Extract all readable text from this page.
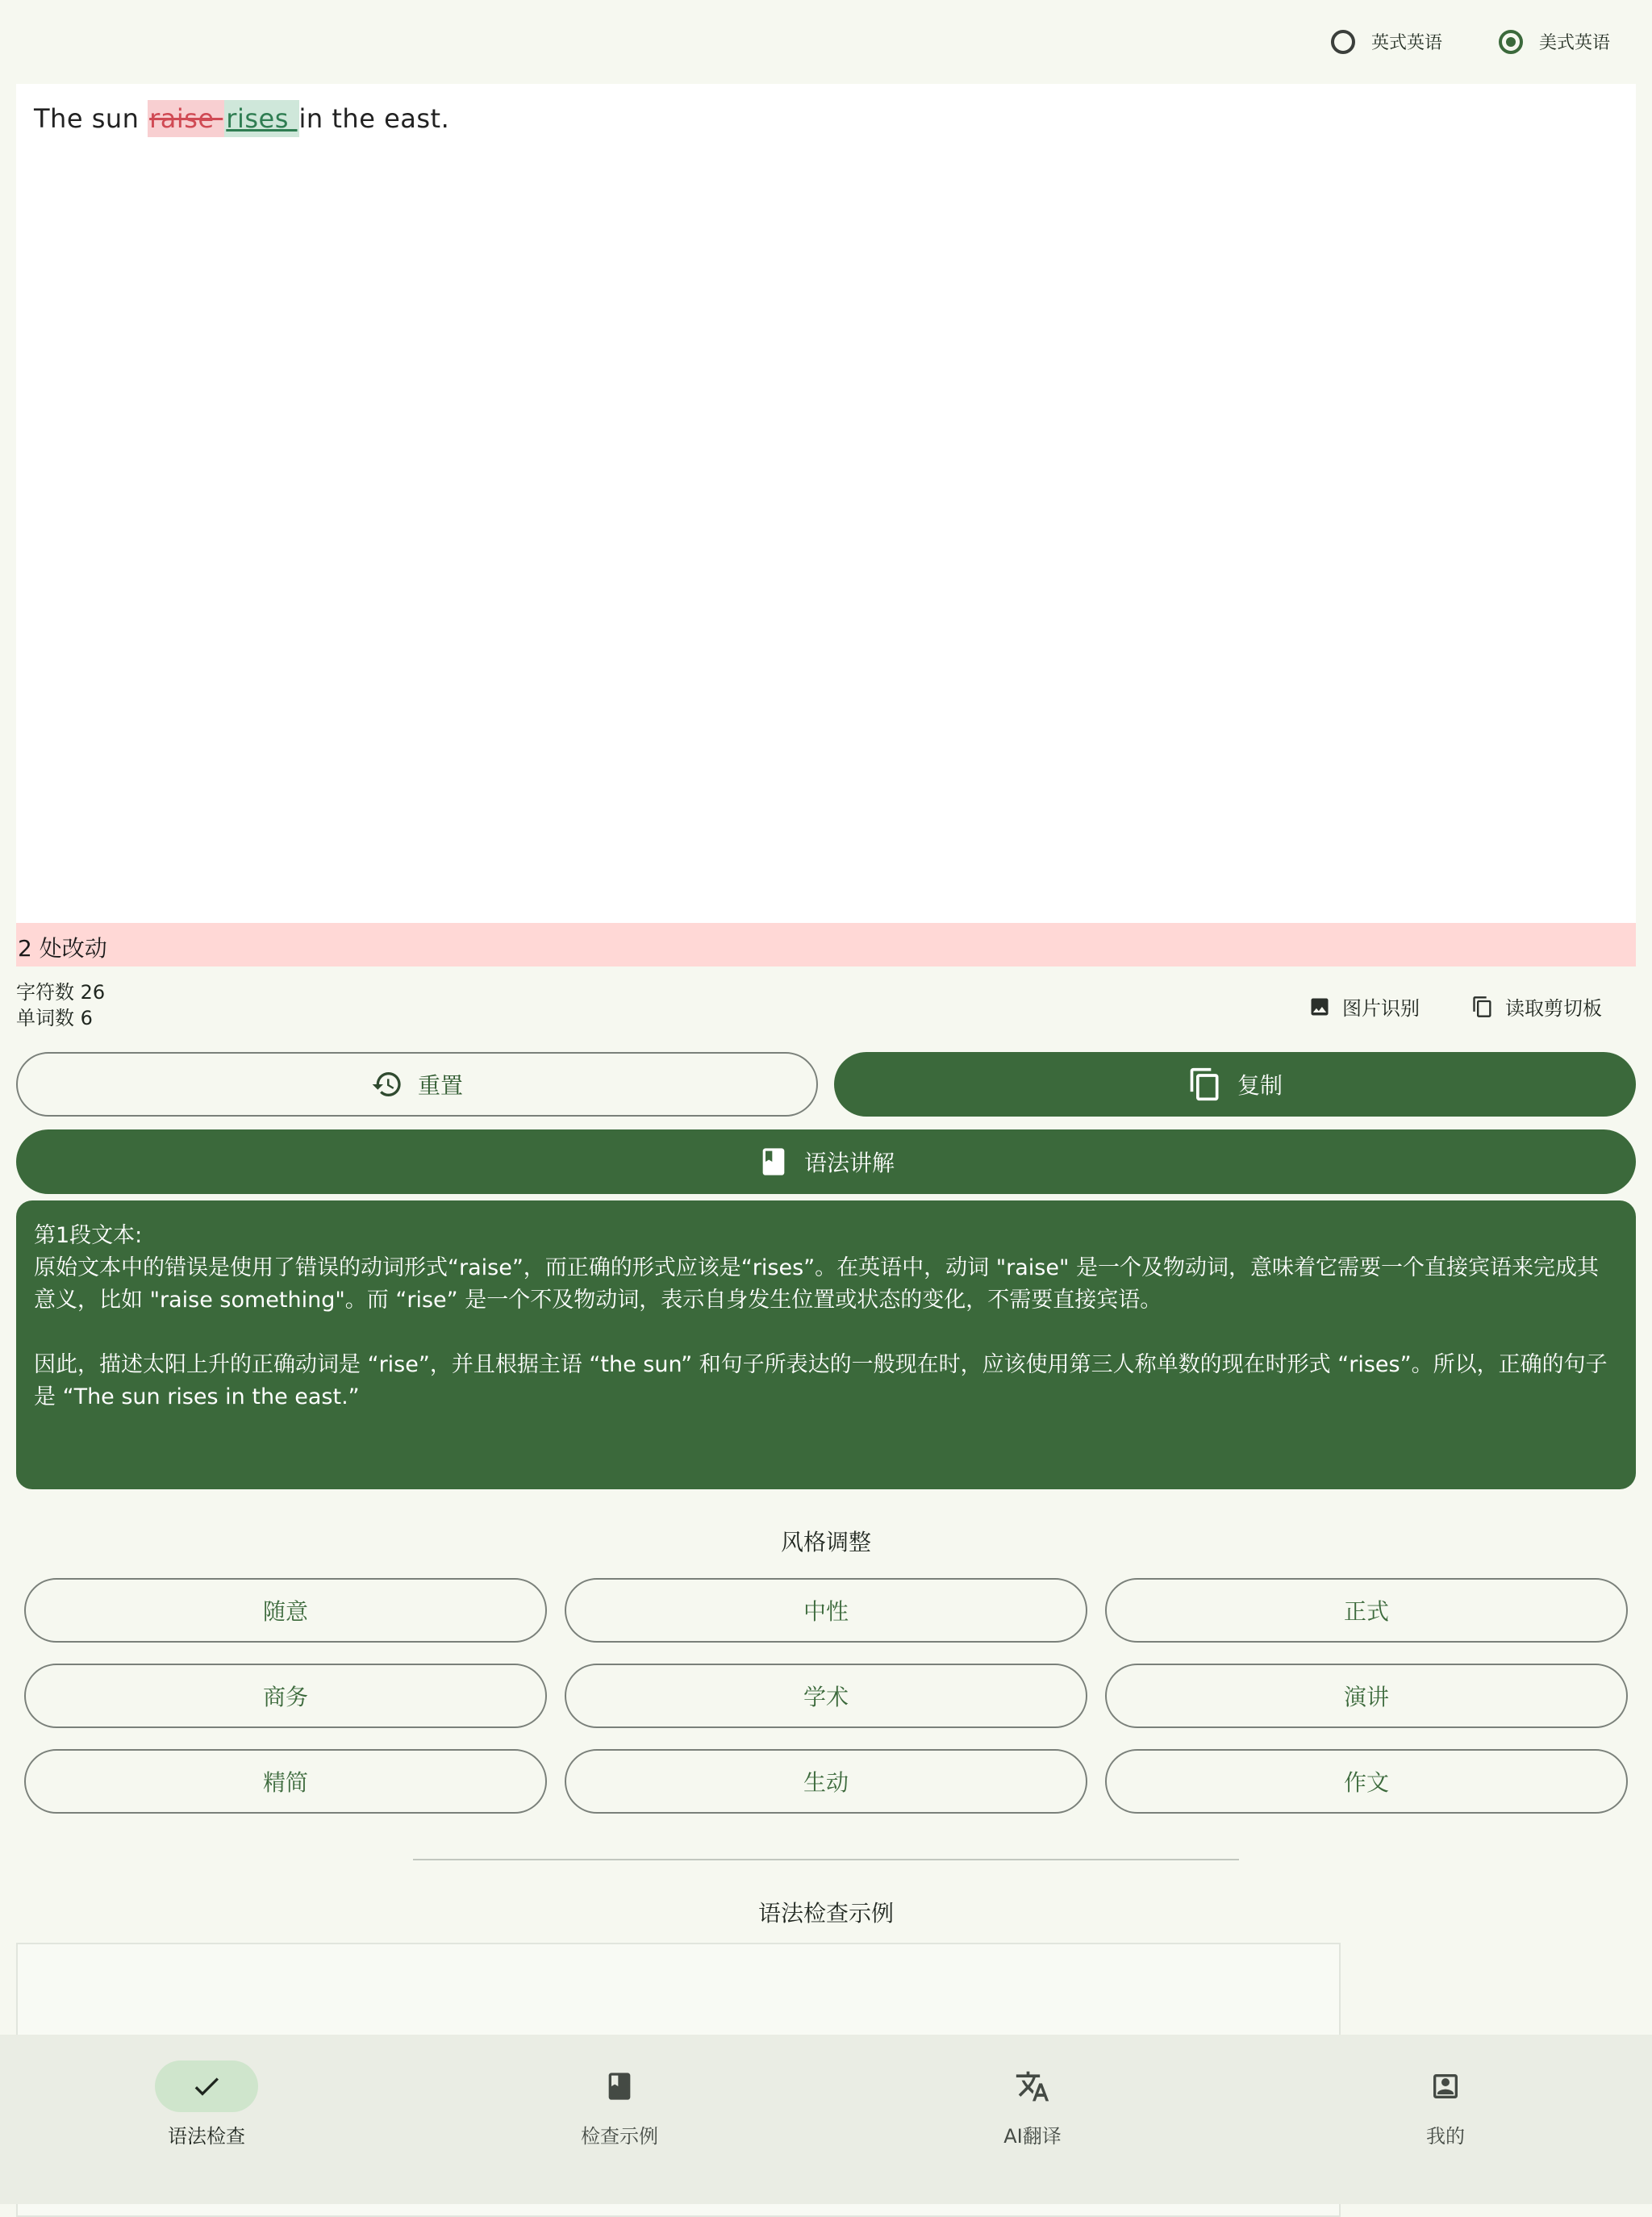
英式英语	美式英语
The sun raise rises in the east.
2 处改动
字符数 26
单词数 6	图片识别	读取剪切板
重置	复制
语法讲解
第1段文本:
原始文本中的错误是使用了错误的动词形式“raise”，而正确的形式应该是“rises”。在英语中，动词 "raise" 是一个及物动词，意味着它需要一个直接宾语来完成其意义，比如 "raise something"。而 “rise” 是一个不及物动词，表示自身发生位置或状态的变化，不需要直接宾语。

因此，描述太阳上升的正确动词是 “rise”，并且根据主语 “the sun” 和句子所表达的一般现在时，应该使用第三人称单数的现在时形式 “rises”。所以，正确的句子是 “The sun rises in the east.”
风格调整
随意	中性	正式
商务	学术	演讲
精简	生动	作文
语法检查示例
语法检查	检查示例	AI翻译	我的
